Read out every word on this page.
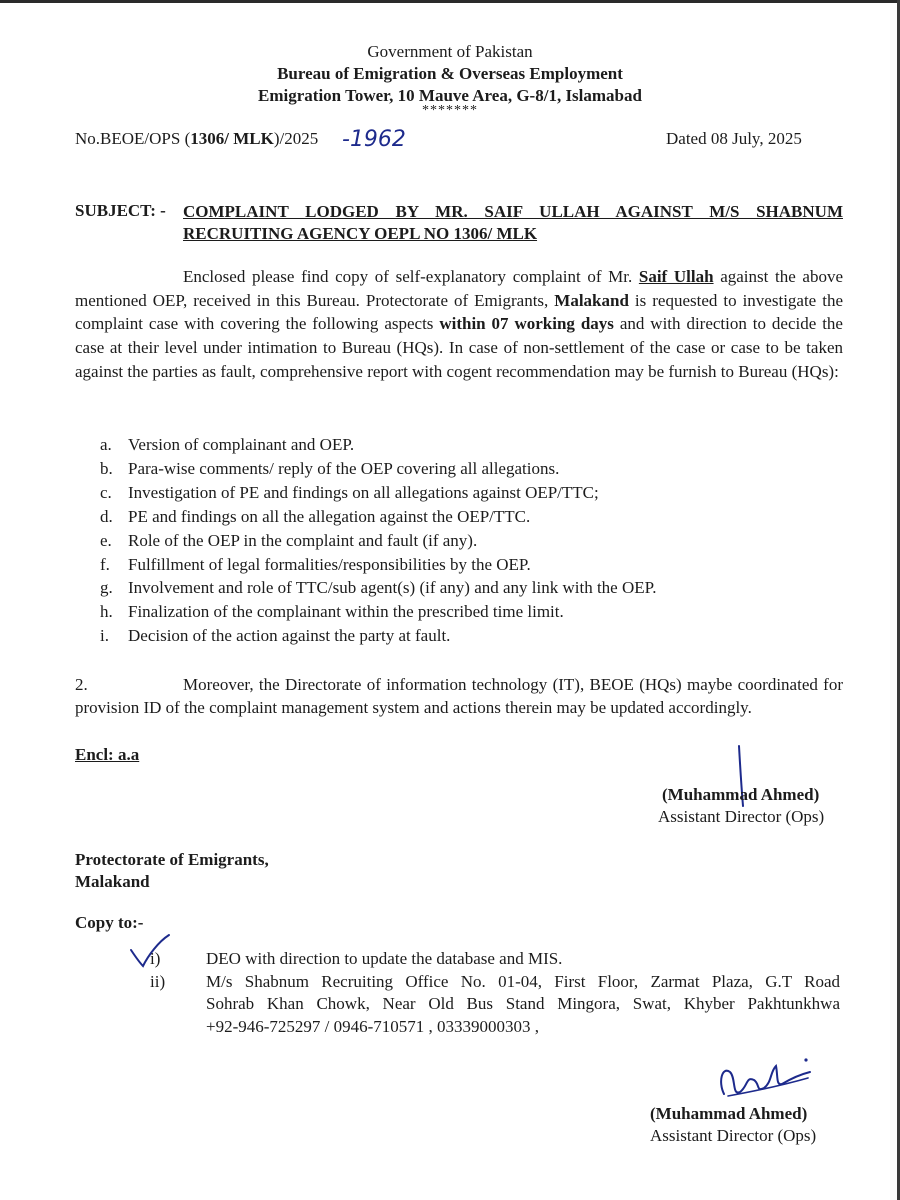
Government of Pakistan
Bureau of Emigration & Overseas Employment
Emigration Tower, 10 Mauve Area, G-8/1, Islamabad
*******
No.BEOE/OPS (1306/ MLK)/2025 -1962	Dated 08 July, 2025
SUBJECT: - COMPLAINT LODGED BY MR. SAIF ULLAH AGAINST M/S SHABNUM RECRUITING AGENCY OEPL NO 1306/ MLK

Enclosed please find copy of self-explanatory complaint of Mr. Saif Ullah against the above mentioned OEP, received in this Bureau. Protectorate of Emigrants, Malakand is requested to investigate the complaint case with covering the following aspects within 07 working days and with direction to decide the case at their level under intimation to Bureau (HQs). In case of non-settlement of the case or case to be taken against the parties as fault, comprehensive report with cogent recommendation may be furnish to Bureau (HQs):

a. Version of complainant and OEP.
b. Para-wise comments/ reply of the OEP covering all allegations.
c. Investigation of PE and findings on all allegations against OEP/TTC;
d. PE and findings on all the allegation against the OEP/TTC.
e. Role of the OEP in the complaint and fault (if any).
f. Fulfillment of legal formalities/responsibilities by the OEP.
g. Involvement and role of TTC/sub agent(s) (if any) and any link with the OEP.
h. Finalization of the complainant within the prescribed time limit.
i. Decision of the action against the party at fault.

2.	Moreover, the Directorate of information technology (IT), BEOE (HQs) maybe coordinated for provision ID of the complaint management system and actions therein may be updated accordingly.

Encl: a.a
(Muhammad Ahmed)
Assistant Director (Ops)
Protectorate of Emigrants,
Malakand
Copy to:-
i)	DEO with direction to update the database and MIS.
ii)	M/s Shabnum Recruiting Office No. 01-04, First Floor, Zarmat Plaza, G.T Road
Sohrab Khan Chowk, Near Old Bus Stand Mingora, Swat, Khyber Pakhtunkhwa
+92-946-725297 / 0946-710571 , 03339000303 ,
(Muhammad Ahmed)
Assistant Director (Ops)
